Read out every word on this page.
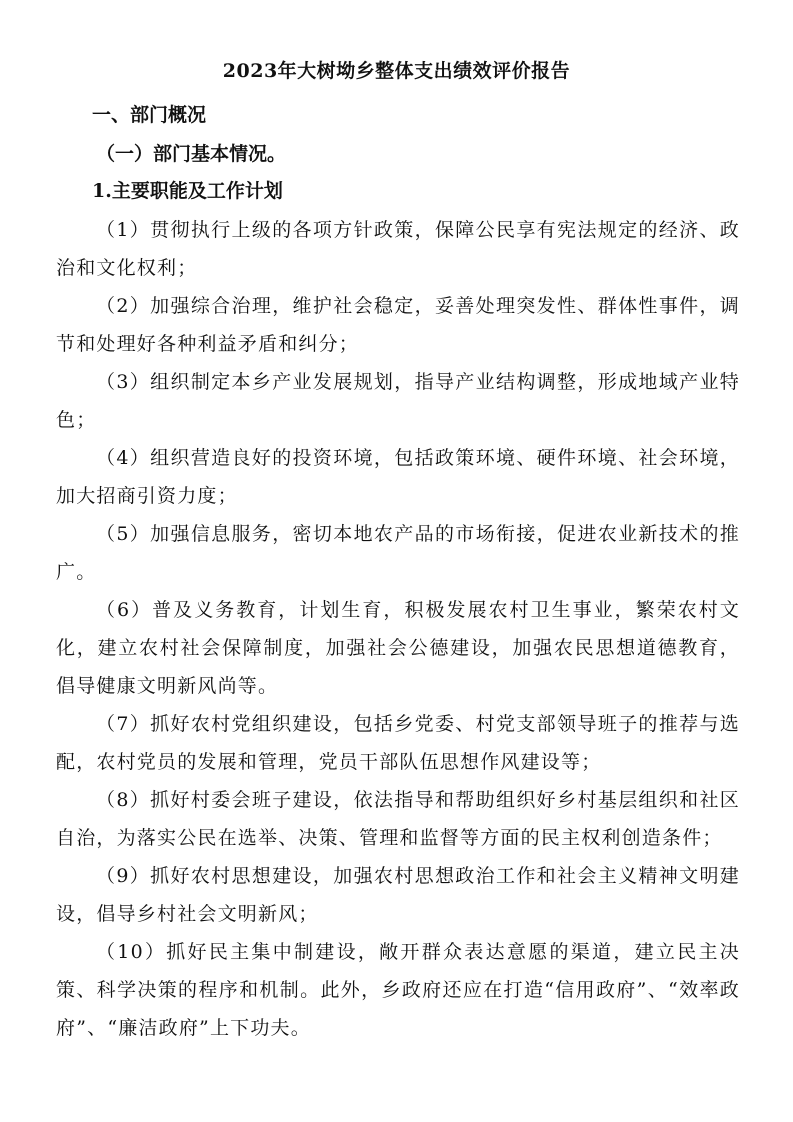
2023年大树坳乡整体支出绩效评价报告
一、部门概况
（一）部门基本情况。
1.主要职能及工作计划

（1）贯彻执行上级的各项方针政策，保障公民享有宪法规定的经济、政治和文化权利；

（2）加强综合治理，维护社会稳定，妥善处理突发性、群体性事件，调节和处理好各种利益矛盾和纠分；

（3）组织制定本乡产业发展规划，指导产业结构调整，形成地域产业特色；

（4）组织营造良好的投资环境，包括政策环境、硬件环境、社会环境，加大招商引资力度；

（5）加强信息服务，密切本地农产品的市场衔接，促进农业新技术的推广。

（6）普及义务教育，计划生育，积极发展农村卫生事业，繁荣农村文化，建立农村社会保障制度，加强社会公德建设，加强农民思想道德教育，倡导健康文明新风尚等。

（7）抓好农村党组织建设，包括乡党委、村党支部领导班子的推荐与选配，农村党员的发展和管理，党员干部队伍思想作风建设等；

（8）抓好村委会班子建设，依法指导和帮助组织好乡村基层组织和社区自治，为落实公民在选举、决策、管理和监督等方面的民主权利创造条件；

（9）抓好农村思想建设，加强农村思想政治工作和社会主义精神文明建设，倡导乡村社会文明新风；

（10）抓好民主集中制建设，敞开群众表达意愿的渠道，建立民主决策、科学决策的程序和机制。此外，乡政府还应在打造“信用政府”、“效率政府”、“廉洁政府”上下功夫。
